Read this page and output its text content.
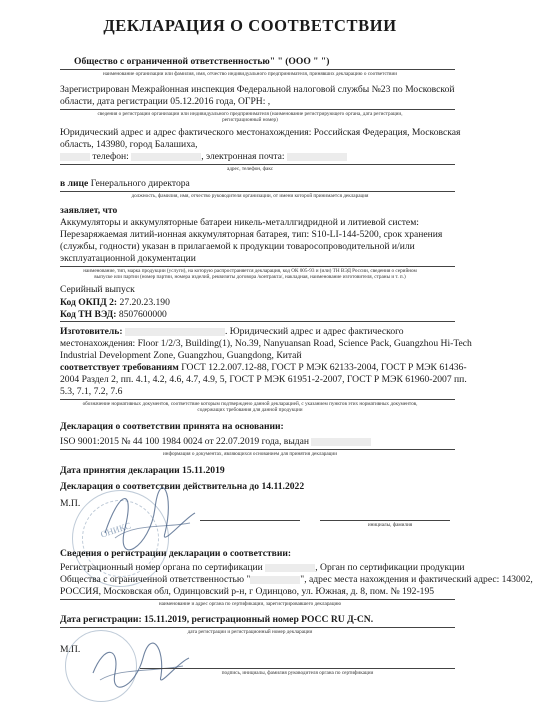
ДЕКЛАРАЦИЯ О СООТВЕТСТВИИ
Общество с ограниченной ответственностью" " (ООО " ")
наименование организации или фамилия, имя, отчество индивидуального предпринимателя, принявших декларацию о соответствии
Зарегистрирован Межрайонная инспекция Федеральной налоговой службы №23 по Московской
области, дата регистрации 05.12.2016 года, ОГРН: ,
сведения о регистрации организации или индивидуального предпринимателя (наименование регистрирующего органа, дата регистрации,
регистрационный номер)
Юридический адрес и адрес фактического местонахождения: Российская Федерация, Московская
область, 143980, город Балашиха,
телефон:	, электронная почта:
адрес, телефон, факс
в лице Генерального директора
должность, фамилия, имя, отчество руководителя организации, от имени которой принимается декларация
заявляет, что
Аккумуляторы и аккумуляторные батареи никель-металлгидридной и литиевой систем:
Перезаряжаемая литий-ионная аккумуляторная батарея, тип: S10-LI-144-5200, срок хранения
(службы, годности) указан в прилагаемой к продукции товаросопроводительной и/или
эксплуатационной документации
наименование, тип, марка продукции (услуги), на которую распространяется декларация, код ОК 005-93 и (или) ТН ВЭД России, сведения о серийном
выпуске или партии (номер партии, номера изделий, реквизиты договора /контракта/, накладная, наименование изготовителя, страны и т. п.)
Серийный выпуск
Код ОКПД 2: 27.20.23.190
Код ТН ВЭД: 8507600000
Изготовитель:	. Юридический адрес и адрес фактического
местонахождения: Floor 1/2/3, Building(1), No.39, Nanyuansan Road, Science Pack, Guangzhou Hi-Tech
Industrial Development Zone, Guangzhou, Guangdong, Китай
соответствует требованиям ГОСТ 12.2.007.12-88, ГОСТ Р МЭК 62133-2004, ГОСТ Р МЭК 61436-
2004 Раздел 2, пп. 4.1, 4.2, 4.6, 4.7, 4.9, 5, ГОСТ Р МЭК 61951-2-2007, ГОСТ Р МЭК 61960-2007 пп.
5.3, 7.1, 7.2, 7.6
обозначение нормативных документов, соответствие которым подтверждено данной декларацией, с указанием пунктов этих нормативных документов,
содержащих требования для данной продукции
Декларация о соответствии принята на основании:
ISO 9001:2015 № 44 100 1984 0024 от 22.07.2019 года, выдан
информация о документах, являющихся основанием для принятия декларации
Дата принятия декларации 15.11.2019
Декларация о соответствии действительна до 14.11.2022
М.П.
ОНИКС	инициалы, фамилия
Сведения о регистрации декларации о соответствии:
Регистрационный номер органа по сертификации	, Орган по сертификации продукции
Общества с ограниченной ответственностью "	", адрес места нахождения и фактический адрес: 143002,
РОССИЯ, Московская обл, Одинцовский р-н, г Одинцово, ул. Южная, д. 8, пом. № 192-195
наименование и адрес органа по сертификации, зарегистрировавшего декларацию
Дата регистрации: 15.11.2019, регистрационный номер РОСС RU Д-CN.
дата регистрации и регистрационный номер декларации
М.П.
подпись, инициалы, фамилия руководителя органа по сертификации
